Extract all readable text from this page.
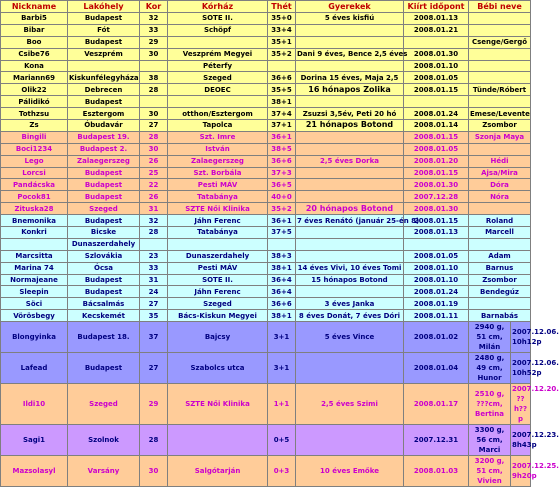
Nickname	Lakóhely	Kor	Kórház	Thét	Gyerekek	Kiírt időpont	Bébi neve	
Barbi5	Budapest	32	SOTE II.	35+0	5 éves kisfiú	2008.01.13		
Bibar	Fót	33	Schöpf	33+4		2008.01.21		
Boo	Budapest	29		35+1			Csenge/Gergő	
Csibe76	Veszprém	30	Veszprém Megyei	35+2	Dani 9 éves, Bence 2,5 éves	2008.01.30		
Kona			Péterfy			2008.01.10		
Mariann69	Kiskunfélegyháza	38	Szeged	36+6	Dorina 15 éves, Maja 2,5	2008.01.05		
Olik22	Debrecen	28	DEOEC	35+5	16 hónapos Zolika	2008.01.15	Tünde/Róbert	
Pálidikó	Budapest			38+1				
Tothzsu	Esztergom	30	otthon/Esztergom	37+4	Zsuzsi 3,5év, Peti 20 hó	2008.01.24	Emese/Levente	
Zs	Óbudavár	27	Tapolca	37+1	21 hónapos Botond	2008.01.14	Zsombor	
Bingili	Budapest 19.	28	Szt. Imre	36+1		2008.01.15	Szonja Maya	
Boci1234	Budapest 2.	30	István	38+5		2008.01.05		
Lego	Zalaegerszeg	26	Zalaegerszeg	36+6	2,5 éves Dorka	2008.01.20	Hédi	
Lorcsi	Budapest	25	Szt. Borbála	37+3		2008.01.15	Ajsa/Mira	
Pandácska	Budapest	22	Pesti MÁV	36+5		2008.01.30	Dóra	
Pocok81	Budapest	26	Tatabánya	40+0		2007.12.28	Nóra	
Zituska28	Szeged	31	SZTE Női Klinika	35+2	20 hónapos Botond	2008.01.30		
Bnemonika	Budapest	32	Jáhn Ferenc	36+1	7 éves Renátó (január 25-én 8)	2008.01.15	Roland	
Konkri	Bicske	28	Tatabánya	37+5		2008.01.13	Marcell	
	Dunaszerdahely							
Marcsitta	Szlovákia	23	Dunaszerdahely	38+3		2008.01.05	Adam	
Marina 74	Ócsa	33	Pesti MÁV	38+1	14 éves Vivi, 10 éves Tomi	2008.01.10	Barnus	
Normajeane	Budapest	31	SOTE II.	36+4	15 hónapos Botond	2008.01.10	Zsombor	
Sleepin	Budapest	24	Jáhn Ferenc	36+4		2008.01.24	Bendegúz	
Söci	Bácsalmás	27	Szeged	36+6	3 éves Janka	2008.01.19		
Vörösbegy	Kecskemét	35	Bács-Kiskun Megyei	38+1	8 éves Donát, 7 éves Dóri	2008.01.11	Barnabás	
Blongyinka	Budapest 18.	37	Bajcsy	3+1	5 éves Vince	2008.01.02	2940 g, 51 cm, Milán	2007.12.06. 10h12p
Lafead	Budapest	27	Szabolcs utca	3+1		2008.01.04	2480 g, 49 cm, Hunor	2007.12.06. 10h52p
Ildi10	Szeged	29	SZTE Női Klinika	1+1	2,5 éves Szimi	2008.01.17	2510 g, ???cm, Bertina	2007.12.20. ??h??p
Sagi1	Szolnok	28		0+5		2007.12.31	3300 g, 56 cm, Marci	2007.12.23. 8h43p
Mazsolasyl	Varsány	30	Salgótarján	0+3	10 éves Emőke	2008.01.03	3200 g, 51 cm, Vivien	2007.12.25. 9h20p
